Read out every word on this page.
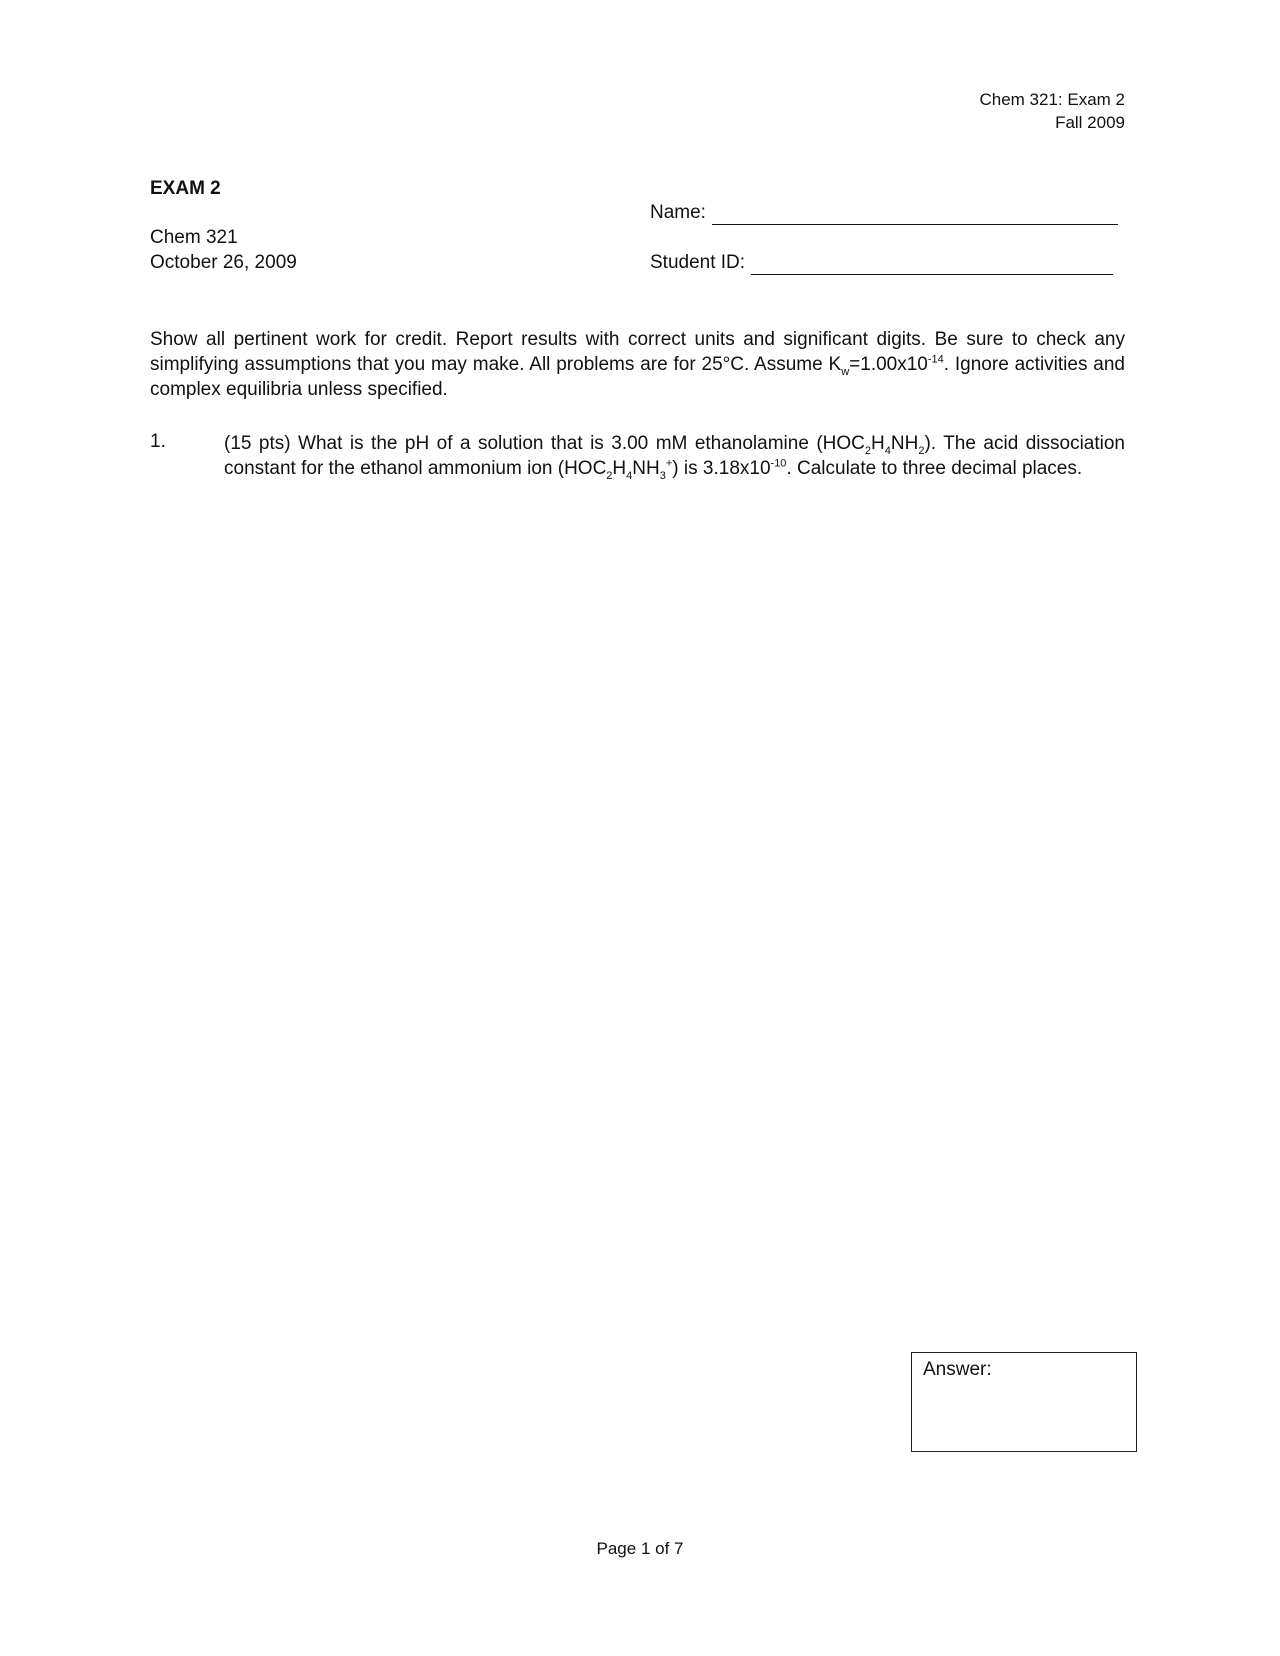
Chem 321: Exam 2
Fall 2009
EXAM 2
Chem 321
October 26, 2009
Name:
Student ID:

Show all pertinent work for credit. Report results with correct units and significant digits. Be sure to check any simplifying assumptions that you may make. All problems are for 25°C. Assume $K_w=1.00x10^{-14}$. Ignore activities and complex equilibria unless specified.

1.	(15 pts) What is the pH of a solution that is 3.00 mM ethanolamine $(HOC_2H_4NH_2)$. The acid dissociation constant for the ethanol ammonium ion $(HOC_2H_4NH_3^+)$ is $3.18x10^{-10}$. Calculate to three decimal places.

Answer:
Page 1 of 7
